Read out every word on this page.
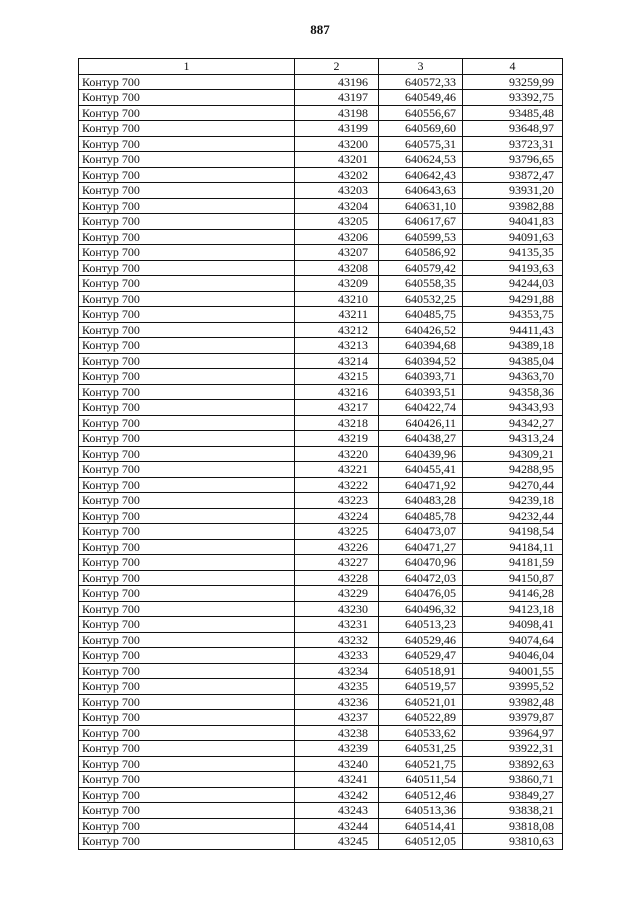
887
1	2	3	4
Контур 700	43196	640572,33	93259,99
Контур 700	43197	640549,46	93392,75
Контур 700	43198	640556,67	93485,48
Контур 700	43199	640569,60	93648,97
Контур 700	43200	640575,31	93723,31
Контур 700	43201	640624,53	93796,65
Контур 700	43202	640642,43	93872,47
Контур 700	43203	640643,63	93931,20
Контур 700	43204	640631,10	93982,88
Контур 700	43205	640617,67	94041,83
Контур 700	43206	640599,53	94091,63
Контур 700	43207	640586,92	94135,35
Контур 700	43208	640579,42	94193,63
Контур 700	43209	640558,35	94244,03
Контур 700	43210	640532,25	94291,88
Контур 700	43211	640485,75	94353,75
Контур 700	43212	640426,52	94411,43
Контур 700	43213	640394,68	94389,18
Контур 700	43214	640394,52	94385,04
Контур 700	43215	640393,71	94363,70
Контур 700	43216	640393,51	94358,36
Контур 700	43217	640422,74	94343,93
Контур 700	43218	640426,11	94342,27
Контур 700	43219	640438,27	94313,24
Контур 700	43220	640439,96	94309,21
Контур 700	43221	640455,41	94288,95
Контур 700	43222	640471,92	94270,44
Контур 700	43223	640483,28	94239,18
Контур 700	43224	640485,78	94232,44
Контур 700	43225	640473,07	94198,54
Контур 700	43226	640471,27	94184,11
Контур 700	43227	640470,96	94181,59
Контур 700	43228	640472,03	94150,87
Контур 700	43229	640476,05	94146,28
Контур 700	43230	640496,32	94123,18
Контур 700	43231	640513,23	94098,41
Контур 700	43232	640529,46	94074,64
Контур 700	43233	640529,47	94046,04
Контур 700	43234	640518,91	94001,55
Контур 700	43235	640519,57	93995,52
Контур 700	43236	640521,01	93982,48
Контур 700	43237	640522,89	93979,87
Контур 700	43238	640533,62	93964,97
Контур 700	43239	640531,25	93922,31
Контур 700	43240	640521,75	93892,63
Контур 700	43241	640511,54	93860,71
Контур 700	43242	640512,46	93849,27
Контур 700	43243	640513,36	93838,21
Контур 700	43244	640514,41	93818,08
Контур 700	43245	640512,05	93810,63
